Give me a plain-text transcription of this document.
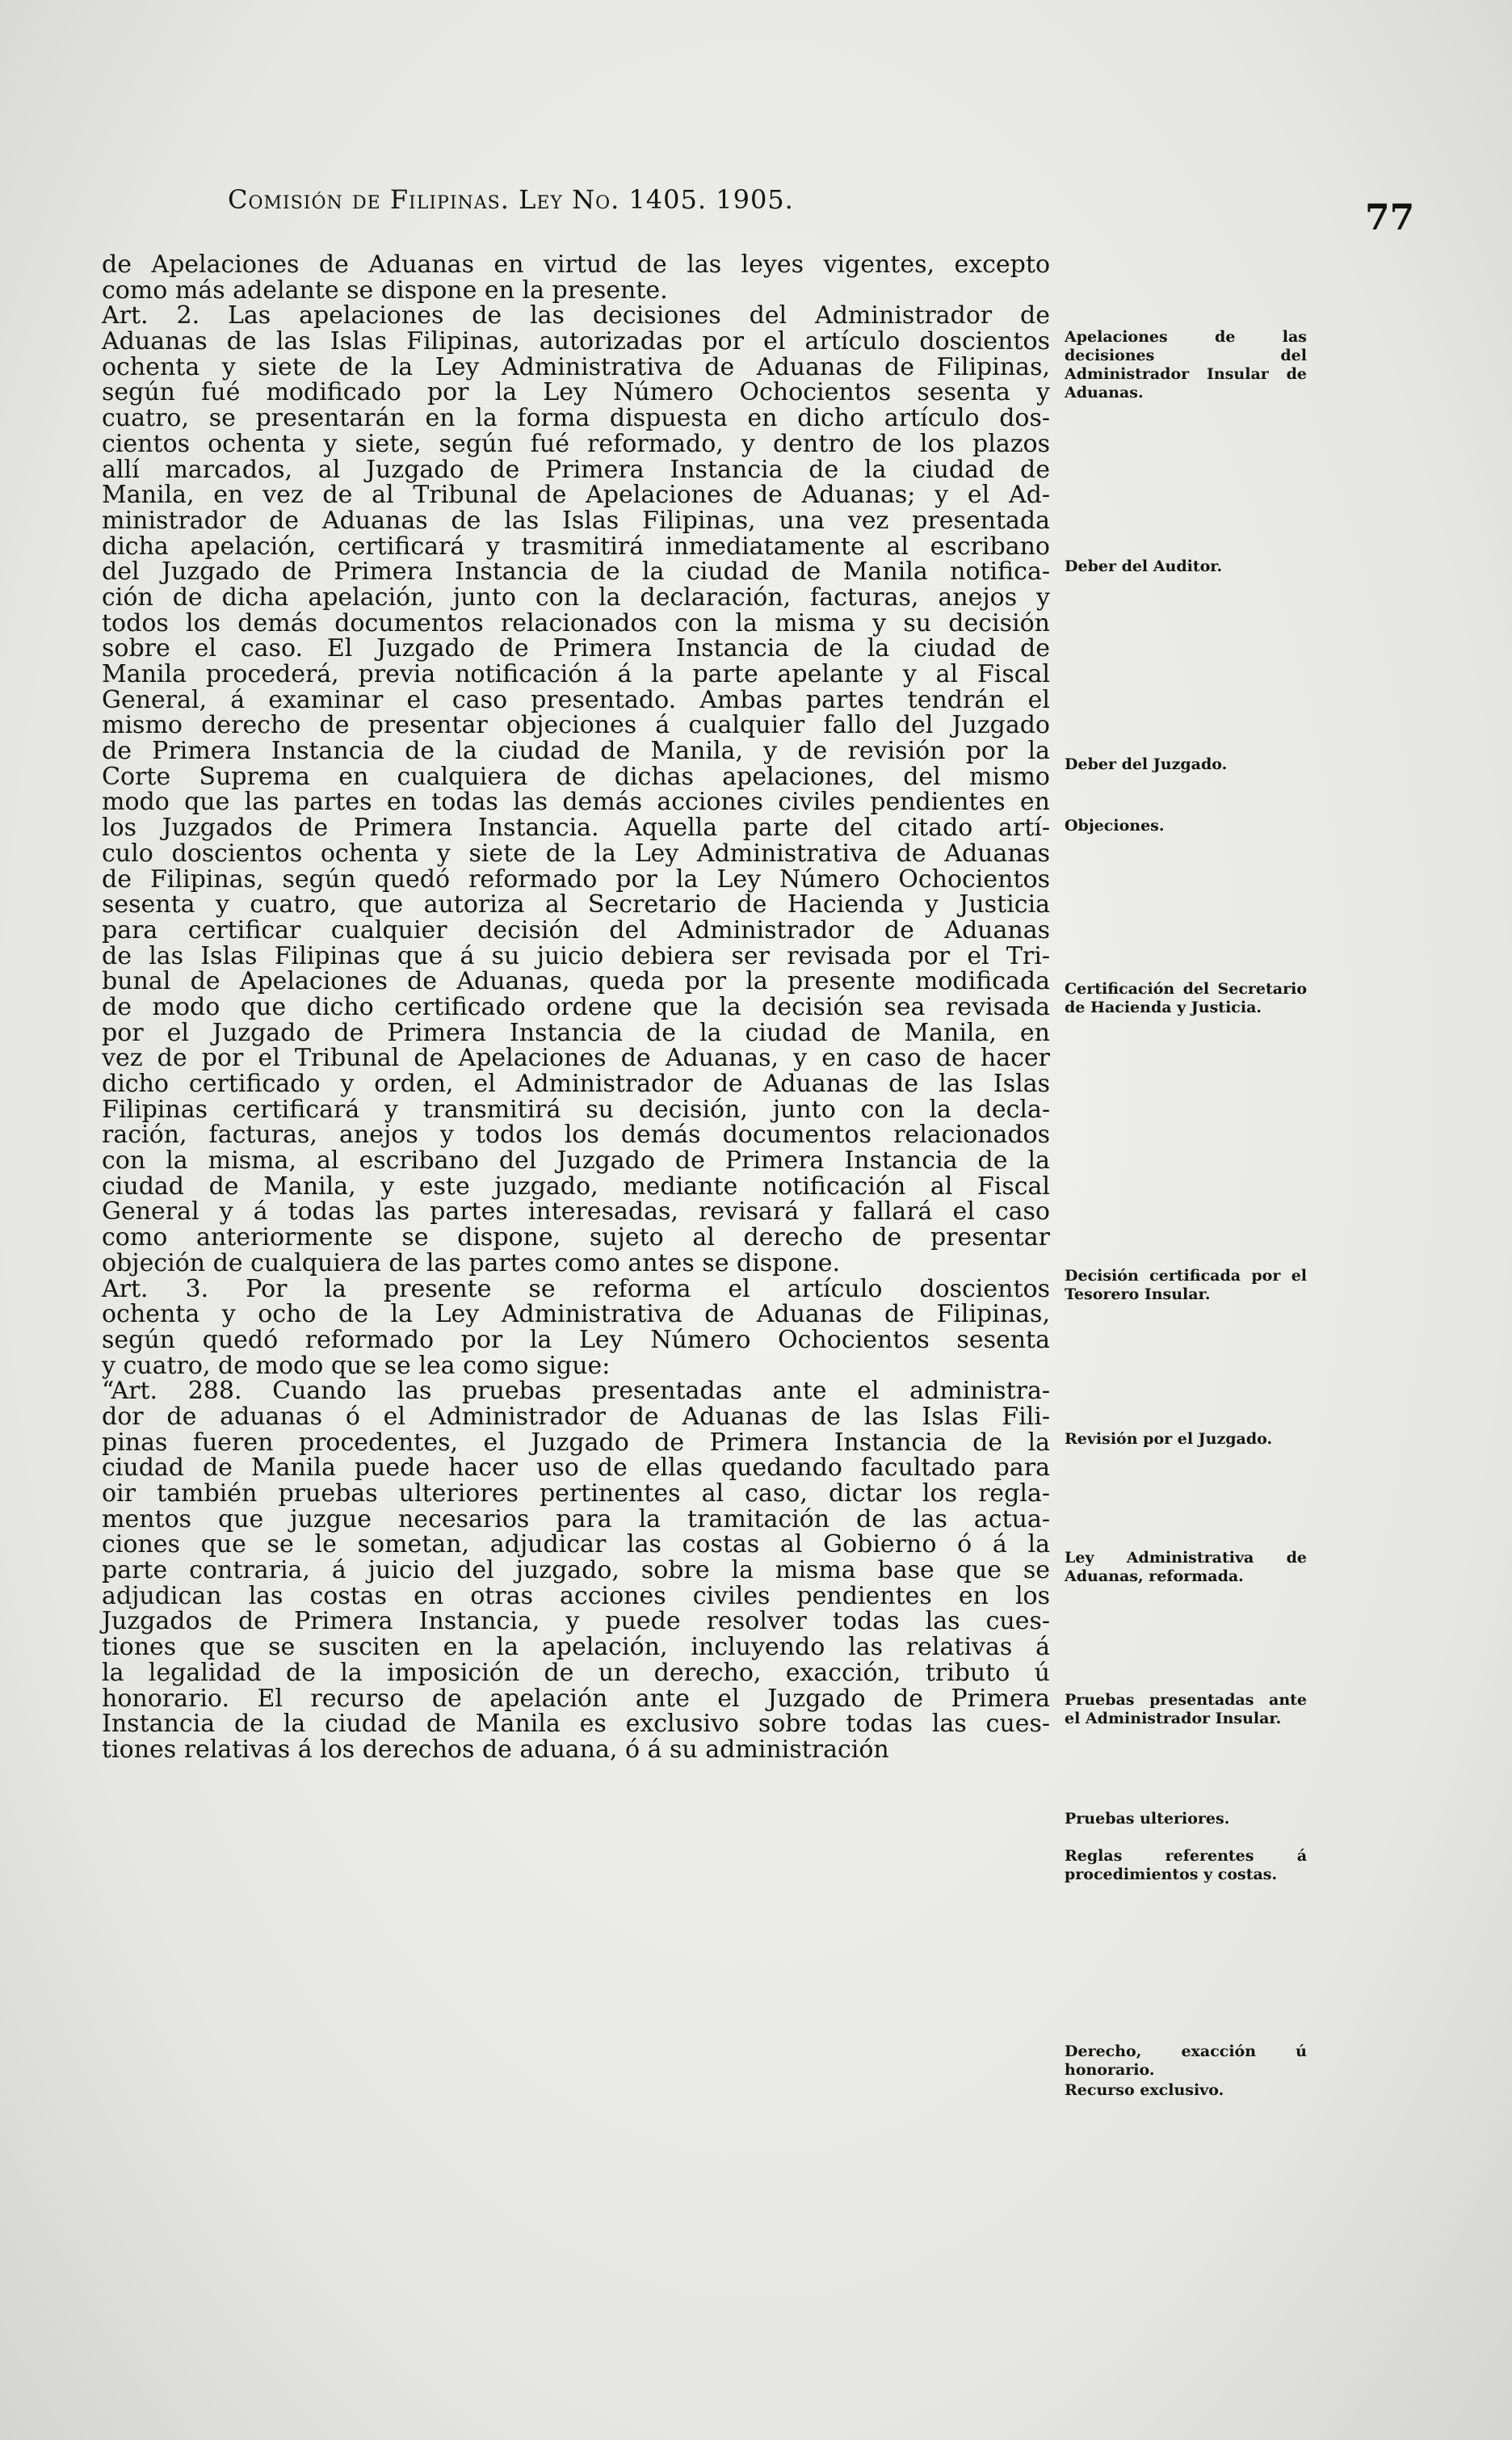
Comisión de Filipinas. Ley No. 1405. 1905.	77
de Apelaciones de Aduanas en virtud de las leyes vigentes, excepto
como más adelante se dispone en la presente.
Art. 2. Las apelaciones de las decisiones del Administrador de
Aduanas de las Islas Filipinas, autorizadas por el artículo doscientos
ochenta y siete de la Ley Administrativa de Aduanas de Filipinas,
según fué modificado por la Ley Número Ochocientos sesenta y
cuatro, se presentarán en la forma dispuesta en dicho artículo dos-
cientos ochenta y siete, según fué reformado, y dentro de los plazos
allí marcados, al Juzgado de Primera Instancia de la ciudad de
Manila, en vez de al Tribunal de Apelaciones de Aduanas; y el Ad-
ministrador de Aduanas de las Islas Filipinas, una vez presentada
dicha apelación, certificará y trasmitirá inmediatamente al escribano
del Juzgado de Primera Instancia de la ciudad de Manila notifica-
ción de dicha apelación, junto con la declaración, facturas, anejos y
todos los demás documentos relacionados con la misma y su decisión
sobre el caso. El Juzgado de Primera Instancia de la ciudad de
Manila procederá, previa notificación á la parte apelante y al Fiscal
General, á examinar el caso presentado. Ambas partes tendrán el
mismo derecho de presentar objeciones á cualquier fallo del Juzgado
de Primera Instancia de la ciudad de Manila, y de revisión por la
Corte Suprema en cualquiera de dichas apelaciones, del mismo
modo que las partes en todas las demás acciones civiles pendientes en
los Juzgados de Primera Instancia. Aquella parte del citado artí-
culo doscientos ochenta y siete de la Ley Administrativa de Aduanas
de Filipinas, según quedó reformado por la Ley Número Ochocientos
sesenta y cuatro, que autoriza al Secretario de Hacienda y Justicia
para certificar cualquier decisión del Administrador de Aduanas
de las Islas Filipinas que á su juicio debiera ser revisada por el Tri-
bunal de Apelaciones de Aduanas, queda por la presente modificada
de modo que dicho certificado ordene que la decisión sea revisada
por el Juzgado de Primera Instancia de la ciudad de Manila, en
vez de por el Tribunal de Apelaciones de Aduanas, y en caso de hacer
dicho certificado y orden, el Administrador de Aduanas de las Islas
Filipinas certificará y transmitirá su decisión, junto con la decla-
ración, facturas, anejos y todos los demás documentos relacionados
con la misma, al escribano del Juzgado de Primera Instancia de la
ciudad de Manila, y este juzgado, mediante notificación al Fiscal
General y á todas las partes interesadas, revisará y fallará el caso
como anteriormente se dispone, sujeto al derecho de presentar
objeción de cualquiera de las partes como antes se dispone.
Art. 3. Por la presente se reforma el artículo doscientos
ochenta y ocho de la Ley Administrativa de Aduanas de Filipinas,
según quedó reformado por la Ley Número Ochocientos sesenta
y cuatro, de modo que se lea como sigue:
“Art. 288. Cuando las pruebas presentadas ante el administra-
dor de aduanas ó el Administrador de Aduanas de las Islas Fili-
pinas fueren procedentes, el Juzgado de Primera Instancia de la
ciudad de Manila puede hacer uso de ellas quedando facultado para
oir también pruebas ulteriores pertinentes al caso, dictar los regla-
mentos que juzgue necesarios para la tramitación de las actua-
ciones que se le sometan, adjudicar las costas al Gobierno ó á la
parte contraria, á juicio del juzgado, sobre la misma base que se
adjudican las costas en otras acciones civiles pendientes en los
Juzgados de Primera Instancia, y puede resolver todas las cues-
tiones que se susciten en la apelación, incluyendo las relativas á
la legalidad de la imposición de un derecho, exacción, tributo ú
honorario. El recurso de apelación ante el Juzgado de Primera
Instancia de la ciudad de Manila es exclusivo sobre todas las cues-
tiones relativas á los derechos de aduana, ó á su administración
Apelaciones de las decisiones del Administrador Insular de Aduanas.
Deber del Auditor.
Deber del Juzgado.
Objeciones.
Certificación del Secretario de Hacienda y Justicia.
Decisión certificada por el Tesorero Insular.
Revisión por el Juzgado.
Ley Administrativa de Aduanas, reformada.
Pruebas presentadas ante el Administrador Insular.
Pruebas ulteriores.
Reglas referentes á procedimientos y costas.
Derecho, exacción ú honorario.
Recurso exclusivo.
